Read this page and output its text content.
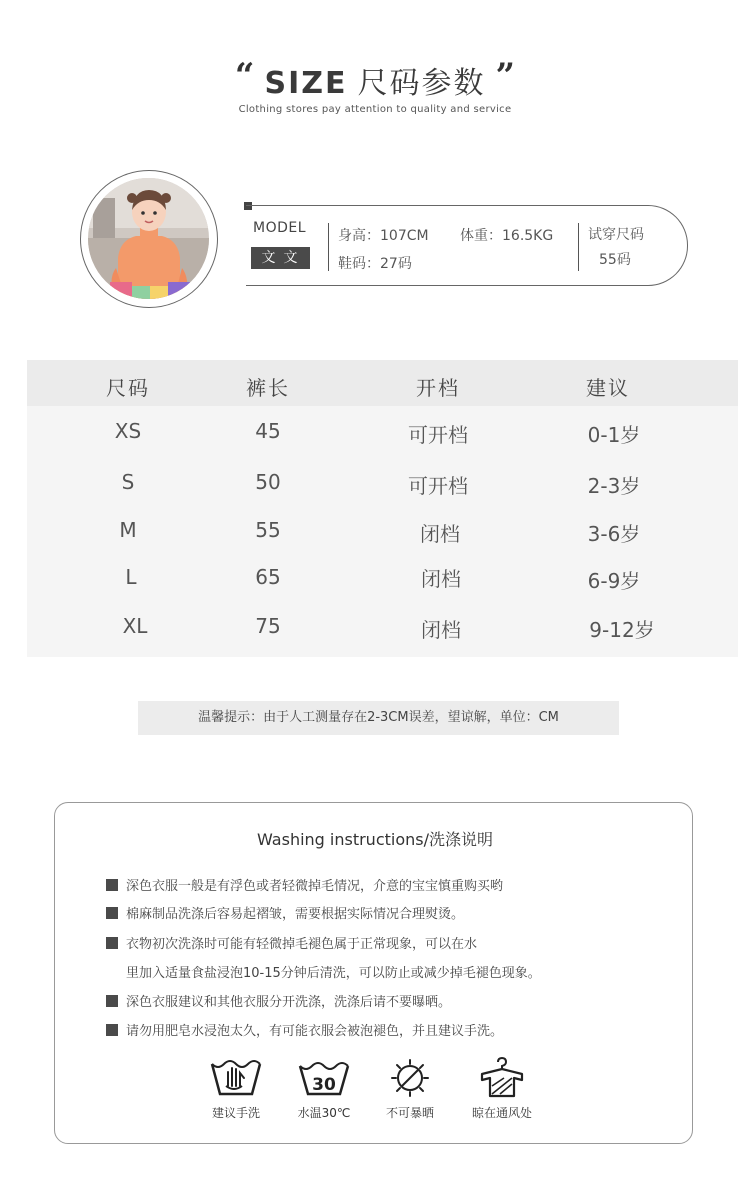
“ SIZE 尺码参数 ”
Clothing stores pay attention to quality and service
MODEL
文文
身高：107CM 体重：16.5KG
鞋码：27码
试穿尺码
55码
尺码	裤长	开档	建议
XS	45	可开档	0-1岁
S	50	可开档	2-3岁
M	55	闭档	3-6岁
L	65	闭档	6-9岁
XL	75	闭档	9-12岁
温馨提示：由于人工测量存在2-3CM误差，望谅解，单位：CM
Washing instructions/洗涤说明
深色衣服一般是有浮色或者轻微掉毛情况，介意的宝宝慎重购买哟
棉麻制品洗涤后容易起褶皱，需要根据实际情况合理熨烫。
衣物初次洗涤时可能有轻微掉毛褪色属于正常现象，可以在水
里加入适量食盐浸泡10-15分钟后清洗，可以防止或减少掉毛褪色现象。
深色衣服建议和其他衣服分开洗涤，洗涤后请不要曝晒。
请勿用肥皂水浸泡太久，有可能衣服会被泡褪色，并且建议手洗。
建议手洗
30
水温30℃	不可暴晒	晾在通风处
